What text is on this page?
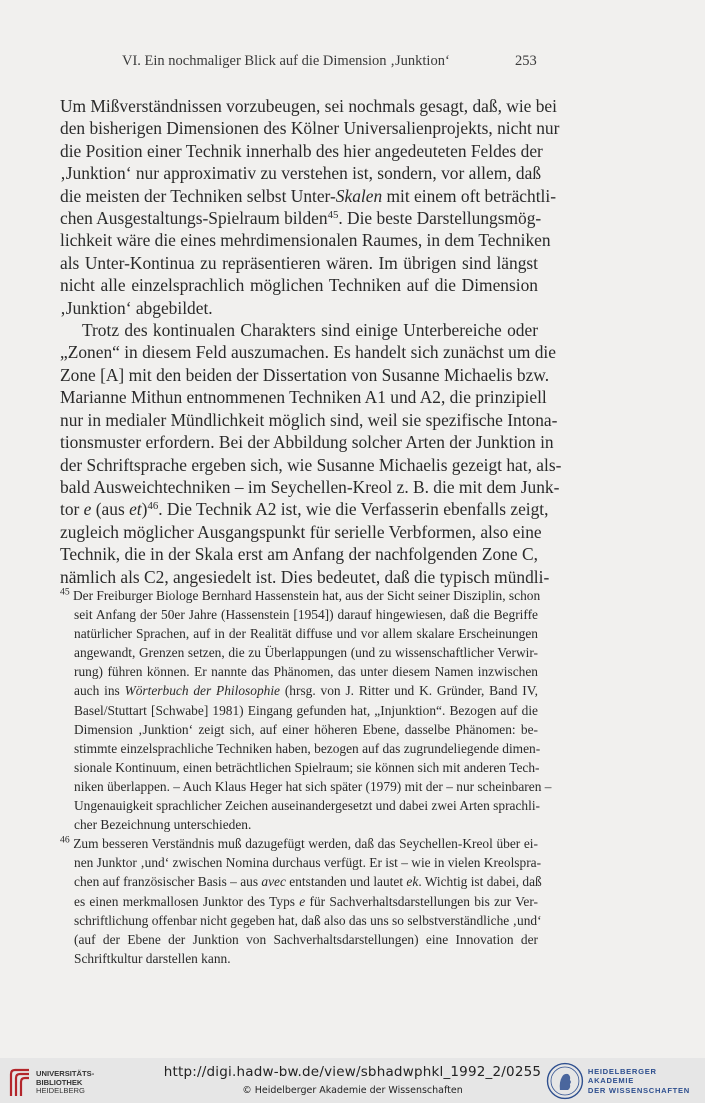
VI. Ein nochmaliger Blick auf die Dimension ‚Junktion‘	253

Um Mißverständnissen vorzubeugen, sei nochmals gesagt, daß, wie bei
den bisherigen Dimensionen des Kölner Universalienprojekts, nicht nur
die Position einer Technik innerhalb des hier angedeuteten Feldes der
‚Junktion‘ nur approximativ zu verstehen ist, sondern, vor allem, daß
die meisten der Techniken selbst Unter-Skalen mit einem oft beträchtli-
chen Ausgestaltungs-Spielraum bilden$^{45}$. Die beste Darstellungsmög-
lichkeit wäre die eines mehrdimensionalen Raumes, in dem Techniken
als Unter-Kontinua zu repräsentieren wären. Im übrigen sind längst
nicht alle einzelsprachlich möglichen Techniken auf die Dimension
‚Junktion‘ abgebildet.

Trotz des kontinualen Charakters sind einige Unterbereiche oder
„Zonen“ in diesem Feld auszumachen. Es handelt sich zunächst um die
Zone [A] mit den beiden der Dissertation von Susanne Michaelis bzw.
Marianne Mithun entnommenen Techniken A1 und A2, die prinzipiell
nur in medialer Mündlichkeit möglich sind, weil sie spezifische Intona-
tionsmuster erfordern. Bei der Abbildung solcher Arten der Junktion in
der Schriftsprache ergeben sich, wie Susanne Michaelis gezeigt hat, als-
bald Ausweichtechniken – im Seychellen-Kreol z. B. die mit dem Junk-
tor e (aus et)$^{46}$. Die Technik A2 ist, wie die Verfasserin ebenfalls zeigt,
zugleich möglicher Ausgangspunkt für serielle Verbformen, also eine
Technik, die in der Skala erst am Anfang der nachfolgenden Zone C,
nämlich als C2, angesiedelt ist. Dies bedeutet, daß die typisch mündli-

$^{45}$ Der Freiburger Biologe Bernhard Hassenstein hat, aus der Sicht seiner Disziplin, schon
seit Anfang der 50er Jahre (Hassenstein [1954]) darauf hingewiesen, daß die Begriffe
natürlicher Sprachen, auf in der Realität diffuse und vor allem skalare Erscheinungen
angewandt, Grenzen setzen, die zu Überlappungen (und zu wissenschaftlicher Verwir-
rung) führen können. Er nannte das Phänomen, das unter diesem Namen inzwischen
auch ins Wörterbuch der Philosophie (hrsg. von J. Ritter und K. Gründer, Band IV,
Basel/Stuttart [Schwabe] 1981) Eingang gefunden hat, „Injunktion“. Bezogen auf die
Dimension ‚Junktion‘ zeigt sich, auf einer höheren Ebene, dasselbe Phänomen: be-
stimmte einzelsprachliche Techniken haben, bezogen auf das zugrundeliegende dimen-
sionale Kontinuum, einen beträchtlichen Spielraum; sie können sich mit anderen Tech-
niken überlappen. – Auch Klaus Heger hat sich später (1979) mit der – nur scheinbaren –
Ungenauigkeit sprachlicher Zeichen auseinandergesetzt und dabei zwei Arten sprachli-
cher Bezeichnung unterschieden.
$^{46}$ Zum besseren Verständnis muß dazugefügt werden, daß das Seychellen-Kreol über ei-
nen Junktor ‚und‘ zwischen Nomina durchaus verfügt. Er ist – wie in vielen Kreolspra-
chen auf französischer Basis – aus avec entstanden und lautet ek. Wichtig ist dabei, daß
es einen merkmallosen Junktor des Typs e für Sachverhaltsdarstellungen bis zur Ver-
schriftlichung offenbar nicht gegeben hat, daß also das uns so selbstverständliche ‚und‘
(auf der Ebene der Junktion von Sachverhaltsdarstellungen) eine Innovation der
Schriftkultur darstellen kann.
UNIVERSITÄTS-
BIBLIOTHEK
HEIDELBERG
http://digi.hadw-bw.de/view/sbhadwphkl_1992_2/0255
© Heidelberger Akademie der Wissenschaften
HEIDELBERGER AKADEMIE
DER WISSENSCHAFTEN
